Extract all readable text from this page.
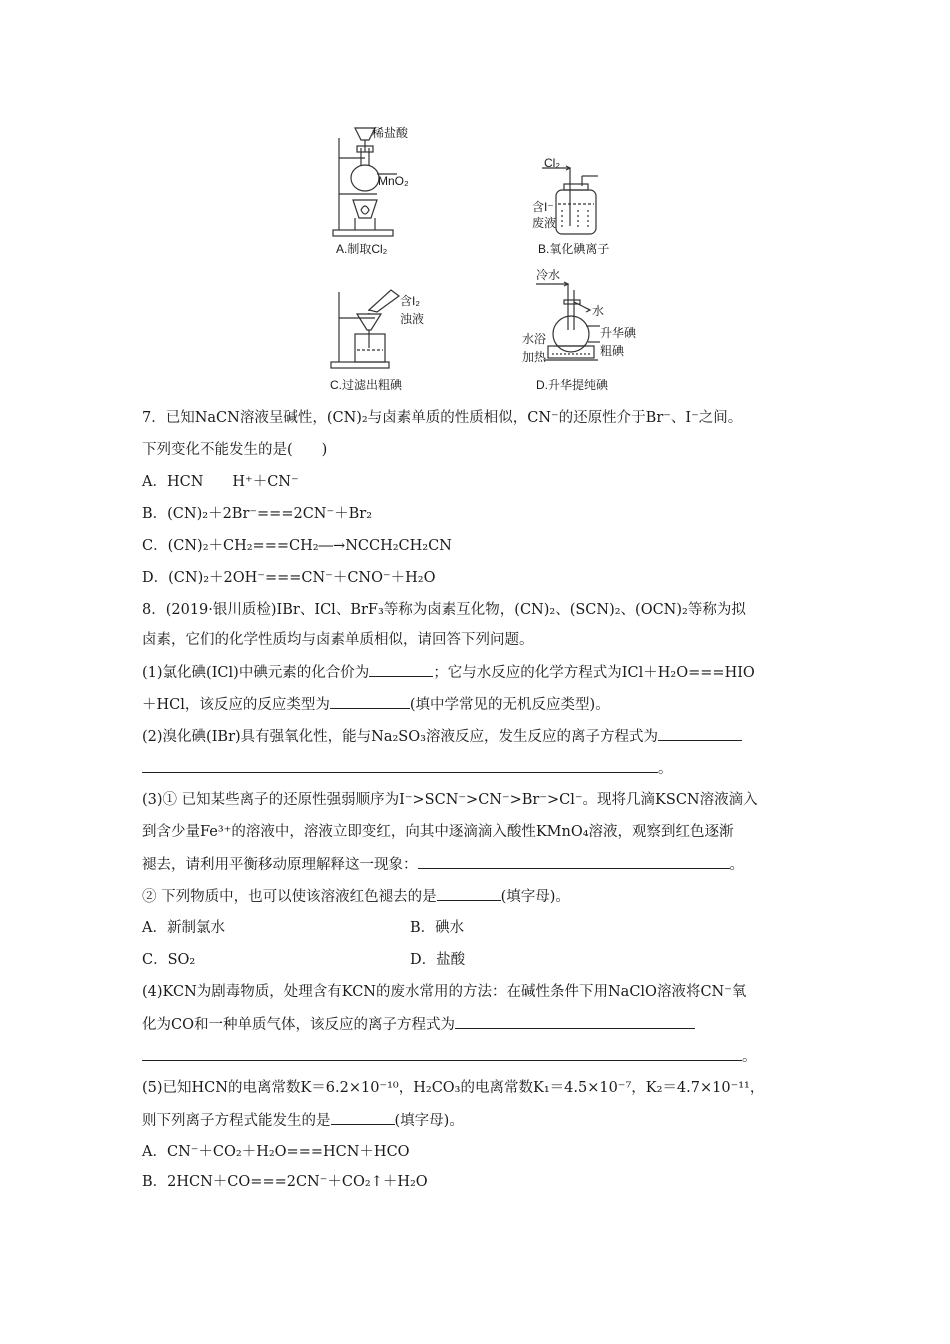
稀盐酸
MnO₂
A.制取Cl₂
Cl₂
含I⁻
废液
B.氧化碘离子
含I₂
浊液
C.过滤出粗碘
冷水
水
升华碘
水浴
加热	粗碘
D.升华提纯碘
7．已知NaCN溶液呈碱性，(CN)₂与卤素单质的性质相似，CN⁻的还原性介于Br⁻、I⁻之间。
下列变化不能发生的是(　　)
A．HCN　　H⁺＋CN⁻
B．(CN)₂＋2Br⁻===2CN⁻＋Br₂
C．(CN)₂＋CH₂===CH₂―→NCCH₂CH₂CN
D．(CN)₂＋2OH⁻===CN⁻＋CNO⁻＋H₂O
8．(2019·银川质检)IBr、ICl、BrF₃等称为卤素互化物，(CN)₂、(SCN)₂、(OCN)₂等称为拟
卤素，它们的化学性质均与卤素单质相似，请回答下列问题。
(1)氯化碘(ICl)中碘元素的化合价为	；它与水反应的化学方程式为ICl＋H₂O===HIO
＋HCl，该反应的反应类型为	(填中学常见的无机反应类型)。
(2)溴化碘(IBr)具有强氧化性，能与Na₂SO₃溶液反应，发生反应的离子方程式为
。
(3)① 已知某些离子的还原性强弱顺序为I⁻>SCN⁻>CN⁻>Br⁻>Cl⁻。现将几滴KSCN溶液滴入
到含少量Fe³⁺的溶液中，溶液立即变红，向其中逐滴滴入酸性KMnO₄溶液，观察到红色逐渐
褪去，请利用平衡移动原理解释这一现象：	。
② 下列物质中，也可以使该溶液红色褪去的是	(填字母)。
A．新制氯水	B．碘水
C．SO₂	D．盐酸
(4)KCN为剧毒物质，处理含有KCN的废水常用的方法：在碱性条件下用NaClO溶液将CN⁻氧
化为CO和一种单质气体，该反应的离子方程式为
。
(5)已知HCN的电离常数K＝6.2×10⁻¹⁰，H₂CO₃的电离常数K₁＝4.5×10⁻⁷，K₂＝4.7×10⁻¹¹，
则下列离子方程式能发生的是	(填字母)。
A．CN⁻＋CO₂＋H₂O===HCN＋HCO
B．2HCN＋CO===2CN⁻＋CO₂↑＋H₂O
